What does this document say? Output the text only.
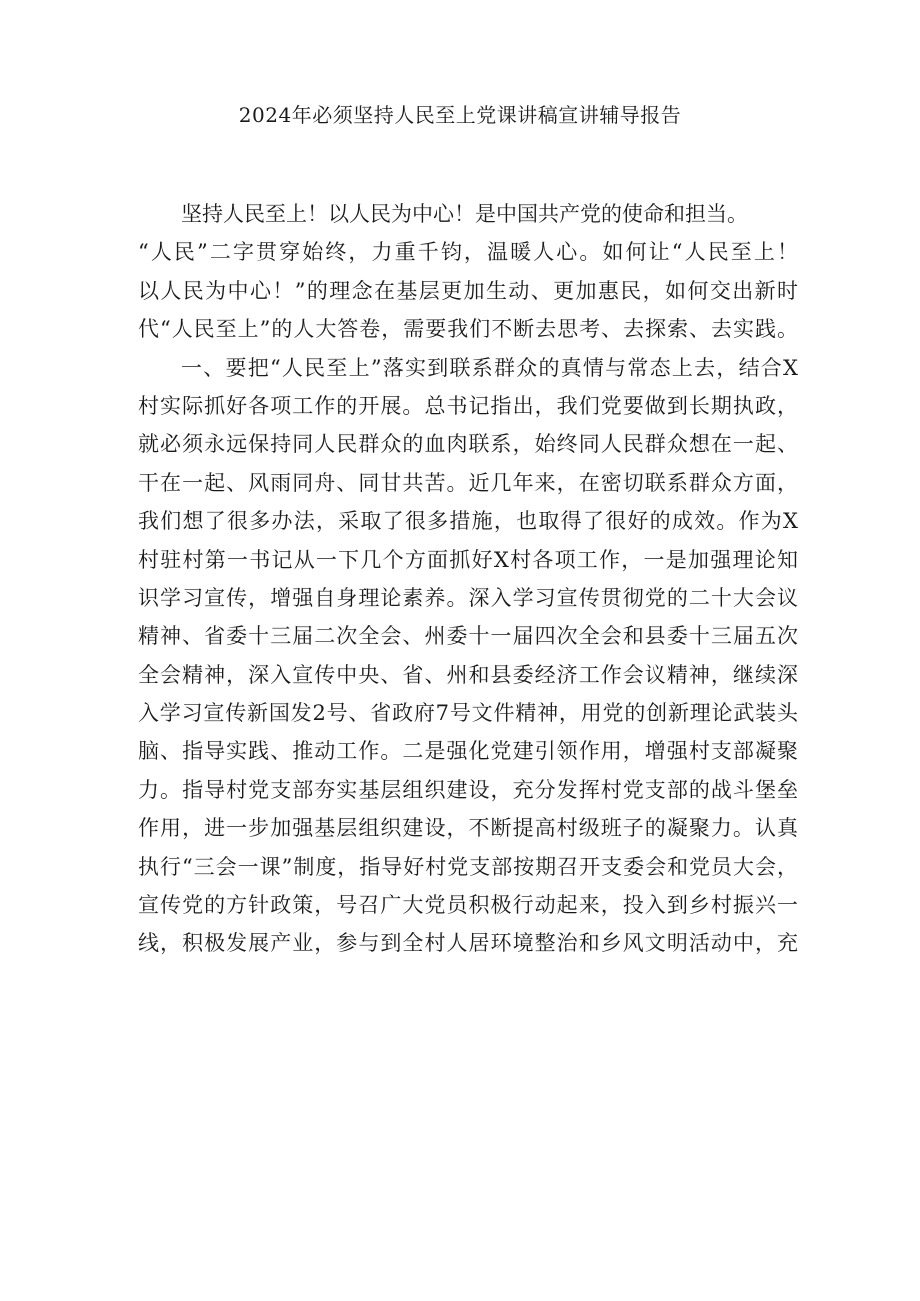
2024年必须坚持人民至上党课讲稿宣讲辅导报告
坚持人民至上！以人民为中心！是中国共产党的使命和担当。
“人民”二字贯穿始终，力重千钧，温暖人心。如何让“人民至上！
以人民为中心！”的理念在基层更加生动、更加惠民，如何交出新时
代“人民至上”的人大答卷，需要我们不断去思考、去探索、去实践。
一、要把“人民至上”落实到联系群众的真情与常态上去，结合X
村实际抓好各项工作的开展。总书记指出，我们党要做到长期执政，
就必须永远保持同人民群众的血肉联系，始终同人民群众想在一起、
干在一起、风雨同舟、同甘共苦。近几年来，在密切联系群众方面，
我们想了很多办法，采取了很多措施，也取得了很好的成效。作为X
村驻村第一书记从一下几个方面抓好X村各项工作，一是加强理论知
识学习宣传，增强自身理论素养。深入学习宣传贯彻党的二十大会议
精神、省委十三届二次全会、州委十一届四次全会和县委十三届五次
全会精神，深入宣传中央、省、州和县委经济工作会议精神，继续深
入学习宣传新国发2号、省政府7号文件精神，用党的创新理论武装头
脑、指导实践、推动工作。二是强化党建引领作用，增强村支部凝聚
力。指导村党支部夯实基层组织建设，充分发挥村党支部的战斗堡垒
作用，进一步加强基层组织建设，不断提高村级班子的凝聚力。认真
执行“三会一课”制度，指导好村党支部按期召开支委会和党员大会，
宣传党的方针政策，号召广大党员积极行动起来，投入到乡村振兴一
线，积极发展产业，参与到全村人居环境整治和乡风文明活动中，充
